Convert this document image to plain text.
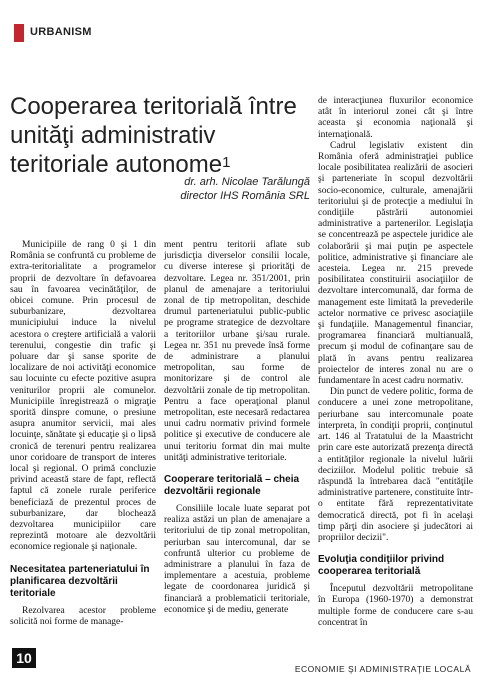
URBANISM
Cooperarea teritorială între unităţi administrativ teritoriale autonome$^1$
dr. arh. Nicolae Tarălungă
director IHS România SRL

Municipiile de rang 0 şi 1 din România se confruntă cu probleme de extra-teritorialitate a programelor proprii de dezvoltare în defavoarea sau în favoarea vecinătăţilor, de obicei comune. Prin procesul de suburbanizare, dezvoltarea municipiului induce la nivelul acestora o creştere artificială a valorii terenului, congestie din trafic şi poluare dar şi sanse sporite de localizare de noi activităţi economice sau locuinte cu efecte pozitive asupra veniturilor proprii ale comunelor. Municipiile înregistrează o migraţie sporită dinspre comune, o presiune asupra anumitor servicii, mai ales locuinţe, sănătate şi educaţie şi o lipsă cronică de terenuri pentru realizarea unor coridoare de transport de interes local şi regional. O primă concluzie privind această stare de fapt, reflectă faptul că zonele rurale periferice beneficiază de prezentul proces de suburbanizare, dar blochează dezvoltarea municipiilor care reprezintă motoare ale dezvoltării economice regionale şi naţionale.

Necesitatea parteneriatului în planificarea dezvoltării teritoriale

Rezolvarea acestor probleme solicită noi forme de manage-

ment pentru teritorii aflate sub jurisdicţia diverselor consilii locale, cu diverse interese şi priorităţi de dezvoltare. Legea nr. 351/2001, prin planul de amenajare a teritoriului zonal de tip metropolitan, deschide drumul parteneriatului public-public pe programe strategice de dezvoltare a teritoriilor urbane şi/sau rurale. Legea nr. 351 nu prevede însă forme de administrare a planului metropolitan, sau forme de monitorizare şi de control ale dezvoltării zonale de tip metropolitan. Pentru a face operaţional planul metropolitan, este necesară redactarea unui cadru normativ privind formele politice şi executive de conducere ale unui teritoriu format din mai multe unităţi administrative teritoriale.

Cooperare teritorială – cheia dezvoltării regionale

Consiliile locale luate separat pot realiza astăzi un plan de amenajare a teritoriului de tip zonal metropolitan, periurban sau intercomunal, dar se confruntă ulterior cu probleme de administrare a planului în faza de implementare a acestuia, probleme legate de coordonarea juridică şi financiară a problematicii teritoriale, economice şi de mediu, generate

de interacţiunea fluxurilor economice atât în interiorul zonei cât şi între aceasta şi economia naţională şi internaţională.

Cadrul legislativ existent din România oferă administraţiei publice locale posibilitatea realizării de asocieri şi parteneriate în scopul dezvoltării socio-economice, culturale, amenajării teritoriului şi de protecţie a mediului în condiţiile păstrării autonomiei administrative a partenerilor. Legislaţia se concentrează pe aspectele juridice ale colaborării şi mai puţin pe aspectele politice, administrative şi financiare ale acesteia. Legea nr. 215 prevede posibilitatea constituirii asociaţiilor de dezvoltare intercomunală, dar forma de management este limitată la prevederile actelor normative ce privesc asociaţiile şi fundaţiile. Managementul financiar, programarea financiară multianuală, precum şi modul de cofinanţare sau de plată în avans pentru realizarea proiectelor de interes zonal nu are o fundamentare în acest cadru normativ.

Din punct de vedere politic, forma de conducere a unei zone metropolitane, periurbane sau intercomunale poate interpreta, în condiţii proprii, conţinutul art. 146 al Tratatului de la Maastricht prin care este autorizată prezenţa directă a entităţilor regionale la nivelul luării deciziilor. Modelul politic trebuie să răspundă la întrebarea dacă "entităţile administrative partenere, constituite într-o entitate fără reprezentativitate democratică directă, pot fi în acelaşi timp părţi din asociere şi judecători ai propriilor decizii".

Evoluţia condiţiilor privind cooperarea teritorială

Începutul dezvoltării metropolitane în Europa (1960-1970) a demonstrat multiple forme de conducere care s-au concentrat în

10
ECONOMIE ŞI ADMINISTRAŢIE LOCALĂ
